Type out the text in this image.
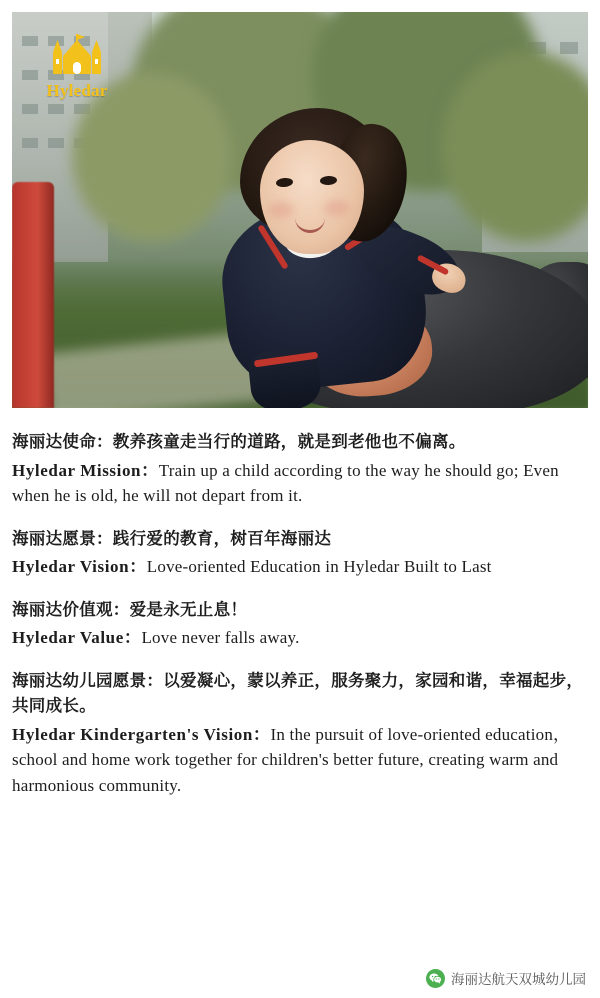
Hyledar
海丽达使命：教养孩童走当行的道路，就是到老他也不偏离。
Hyledar Mission：Train up a child according to the way he should go; Even when he is old, he will not depart from it.
海丽达愿景：践行爱的教育，树百年海丽达
Hyledar Vision：Love-oriented Education in Hyledar Built to Last
海丽达价值观：爱是永无止息！
Hyledar Value：Love never falls away.
海丽达幼儿园愿景：以爱凝心，蒙以养正，服务聚力，家园和谐，幸福起步，共同成长。
Hyledar Kindergarten's Vision：In the pursuit of love-oriented education，school and home work together for children's better future, creating warm and harmonious community.
海丽达航天双城幼儿园
